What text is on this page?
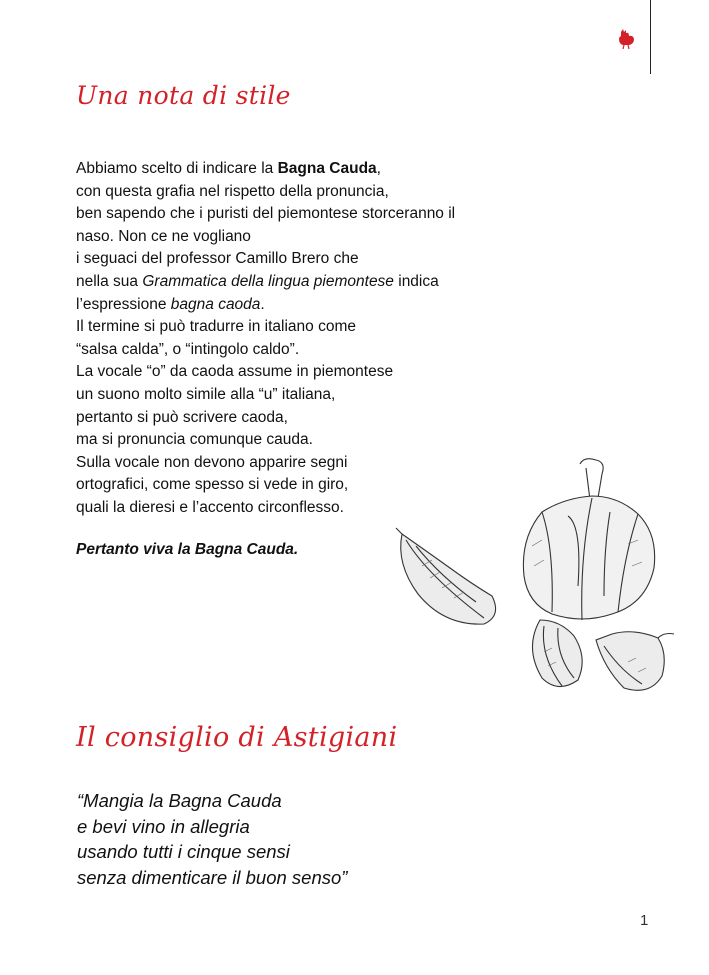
Una nota di stile
Abbiamo scelto di indicare la Bagna Cauda,
con questa grafia nel rispetto della pronuncia,
ben sapendo che i puristi del piemontese storceranno il
naso. Non ce ne vogliano
i seguaci del professor Camillo Brero che
nella sua Grammatica della lingua piemontese indica
l’espressione bagna caoda.
Il termine si può tradurre in italiano come
“salsa calda”, o “intingolo caldo”.
La vocale “o” da caoda assume in piemontese
un suono molto simile alla “u” italiana,
pertanto si può scrivere caoda,
ma si pronuncia comunque cauda.
Sulla vocale non devono apparire segni
ortografici, come spesso si vede in giro,
quali la dieresi e l’accento circonflesso.

Pertanto viva la Bagna Cauda.

Il consiglio di Astigiani
“Mangia la Bagna Cauda
e bevi vino in allegria
usando tutti i cinque sensi
senza dimenticare il buon senso”
1
